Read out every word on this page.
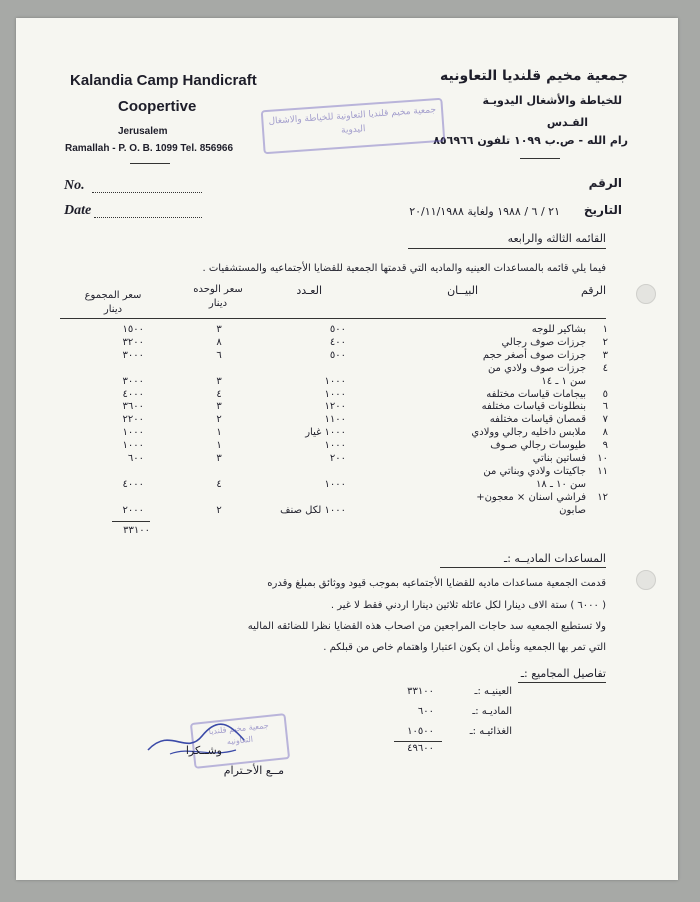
Kalandia Camp Handicraft
Coopertive
Jerusalem
Ramallah - P. O. B. 1099 Tel. 856966
جمعية مخيم قلنديا التعاونيه
للخياطة والأشغال اليدويـة
القـدس
رام الله - ص.ب ١٠٩٩ تلفون ٨٥٦٩٦٦
جمعية مخيم قلنديا التعاونية للخياطة والاشغال اليدوية
No.
Date
الرقم
التاريخ
٢١ / ٦ / ١٩٨٨ ولغاية ٢٠/١١/١٩٨٨
القائمه الثالثه والرابعه
فيما يلي قائمه بالمساعدات العينيه والماديه التي قدمتها الجمعية للقضايا الأجتماعيه والمستشفيات .
الرقم
البيــان
العـدد
سعر الوحده
دينار
سعر المجموع
دينار
١
بشاكير للوجه
٥٠٠
٣
١٥٠٠
٢
جرزات صوف رجالي
٤٠٠
٨
٣٢٠٠
٣
جرزات صوف أصغر حجم
٥٠٠
٦
٣٠٠٠
٤
جرزات صوف ولادي من
سن ١ ـ ١٤
١٠٠٠
٣
٣٠٠٠
٥
بيجامات قياسات مختلفه
١٠٠٠
٤
٤٠٠٠
٦
بنطلونات قياسات مختلفه
١٢٠٠
٣
٣٦٠٠
٧
قمصان قياسات مختلفه
١١٠٠
٢
٢٢٠٠
٨
ملابس داخليه رجالي وولادي
١٠٠٠ غيار
١
١٠٠٠
٩
طيوسات رجالي صـوف
١٠٠٠
١
١٠٠٠
١٠
فساتين بناتي
٢٠٠
٣
٦٠٠
١١
جاكيتات ولادي وبناتي من
سن ١٠ ـ ١٨
١٠٠٠
٤
٤٠٠٠
١٢
فراشي اسنان × معجون+
صابون
١٠٠٠ لكل صنف
٢
٢٠٠٠
٣٣١٠٠
المساعدات الماديــه :ـ
قدمت الجمعية مساعدات ماديه للقضايا الأجتماعيه بموجب قيود ووثائق بمبلغ وقدره
( ٦٠٠٠ ) ستة الاف دينارا لكل عائله ثلاثين دينارا اردني فقط لا غير .
ولا تستطيع الجمعيه سد حاجات المراجعين من اصحاب هذه القضايا نظرا للضائقه الماليه
التي تمر بها الجمعيه ونأمل ان يكون اعتبارا واهتمام خاص من قبلكم .
تفاصيل المجاميع :ـ
العينيـه :ـ
٣٣١٠٠
الماديـه :ـ
٦٠٠
الغذائيـه :ـ
١٠٥٠٠
٤٩٦٠٠
جمعية مخيم قلنديا التعاونيه
وشــكرا
مــع الأحـترام
